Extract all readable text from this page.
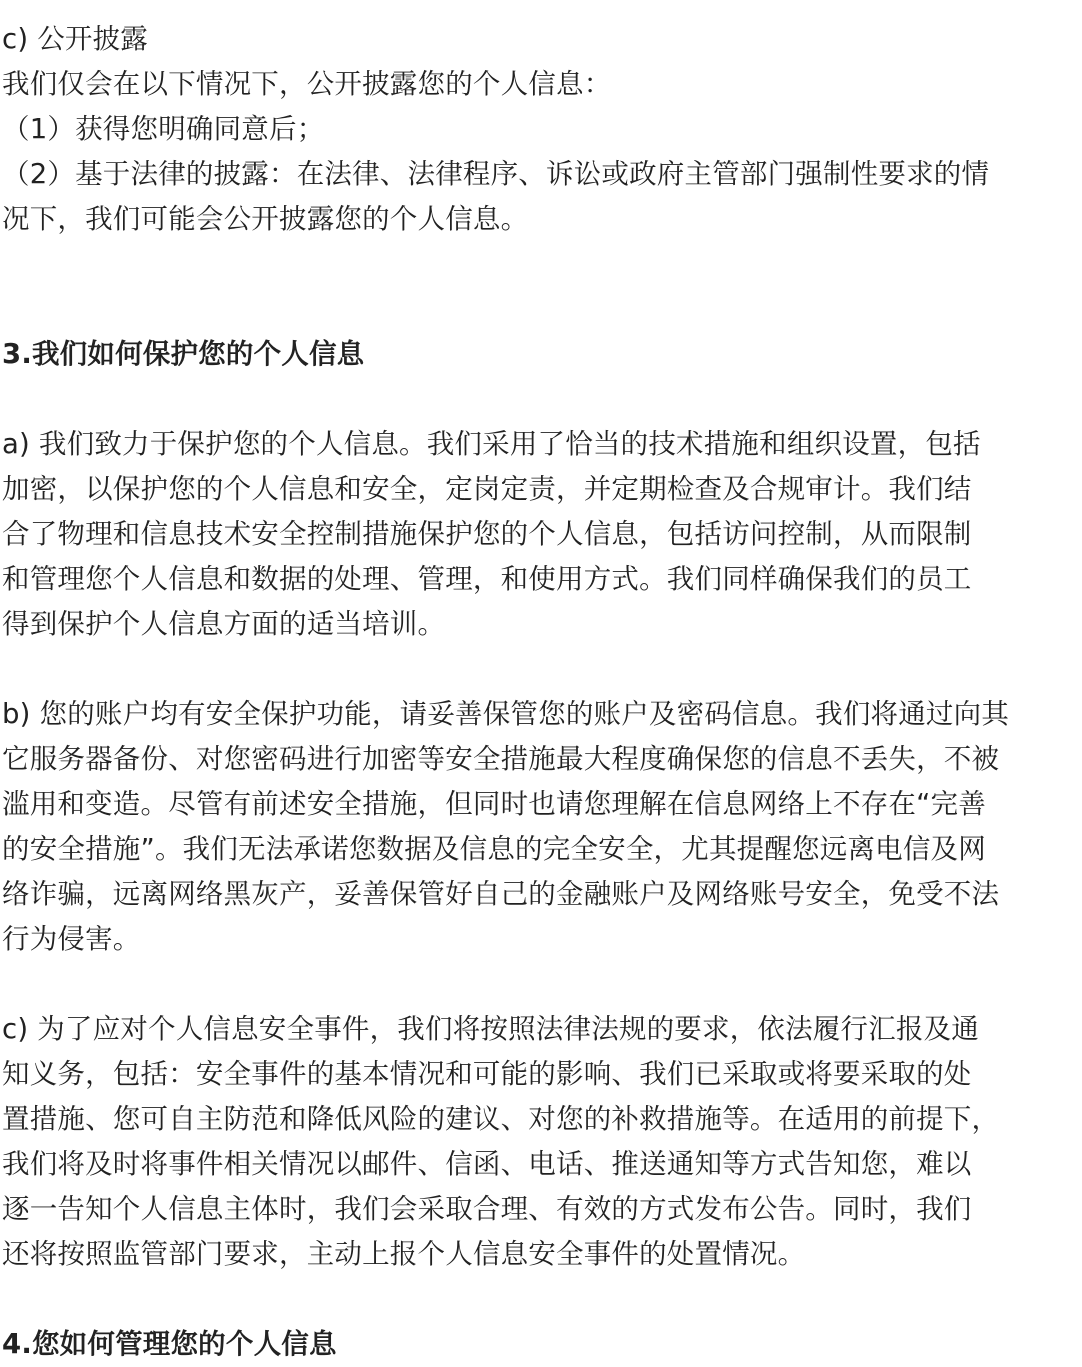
c) 公开披露
我们仅会在以下情况下，公开披露您的个人信息：
（1）获得您明确同意后；
（2）基于法律的披露：在法律、法律程序、诉讼或政府主管部门强制性要求的情
况下，我们可能会公开披露您的个人信息。
3.我们如何保护您的个人信息
a) 我们致力于保护您的个人信息。我们采用了恰当的技术措施和组织设置，包括
加密，以保护您的个人信息和安全，定岗定责，并定期检查及合规审计。我们结
合了物理和信息技术安全控制措施保护您的个人信息，包括访问控制，从而限制
和管理您个人信息和数据的处理、管理，和使用方式。我们同样确保我们的员工
得到保护个人信息方面的适当培训。
b) 您的账户均有安全保护功能，请妥善保管您的账户及密码信息。我们将通过向其
它服务器备份、对您密码进行加密等安全措施最大程度确保您的信息不丢失，不被
滥用和变造。尽管有前述安全措施，但同时也请您理解在信息网络上不存在“完善
的安全措施”。我们无法承诺您数据及信息的完全安全，尤其提醒您远离电信及网
络诈骗，远离网络黑灰产，妥善保管好自己的金融账户及网络账号安全，免受不法
行为侵害。
c) 为了应对个人信息安全事件，我们将按照法律法规的要求，依法履行汇报及通
知义务，包括：安全事件的基本情况和可能的影响、我们已采取或将要采取的处
置措施、您可自主防范和降低风险的建议、对您的补救措施等。在适用的前提下，
我们将及时将事件相关情况以邮件、信函、电话、推送通知等方式告知您，难以
逐一告知个人信息主体时，我们会采取合理、有效的方式发布公告。同时，我们
还将按照监管部门要求，主动上报个人信息安全事件的处置情况。
4.您如何管理您的个人信息
